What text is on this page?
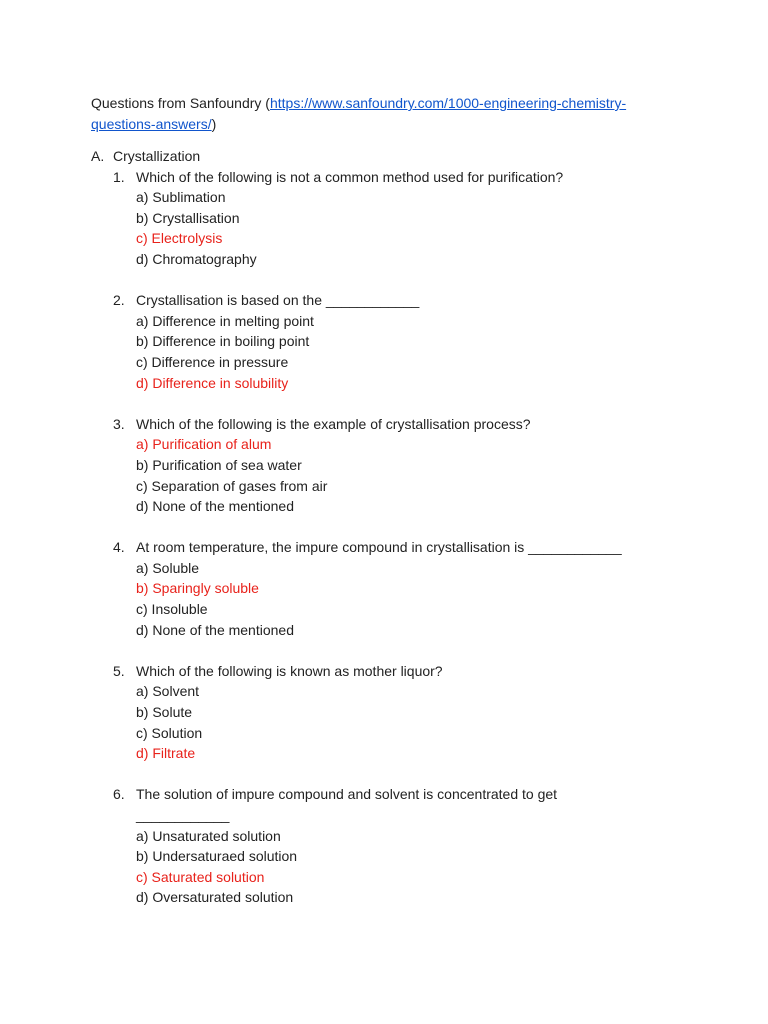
Questions from Sanfoundry (https://www.sanfoundry.com/1000-engineering-chemistry-
questions-answers/)
A. Crystallization
1. Which of the following is not a common method used for purification?
a) Sublimation
b) Crystallisation
c) Electrolysis
d) Chromatography
2. Crystallisation is based on the ____________
a) Difference in melting point
b) Difference in boiling point
c) Difference in pressure
d) Difference in solubility
3. Which of the following is the example of crystallisation process?
a) Purification of alum
b) Purification of sea water
c) Separation of gases from air
d) None of the mentioned
4. At room temperature, the impure compound in crystallisation is ____________
a) Soluble
b) Sparingly soluble
c) Insoluble
d) None of the mentioned
5. Which of the following is known as mother liquor?
a) Solvent
b) Solute
c) Solution
d) Filtrate
6. The solution of impure compound and solvent is concentrated to get
____________
a) Unsaturated solution
b) Undersaturaed solution
c) Saturated solution
d) Oversaturated solution
